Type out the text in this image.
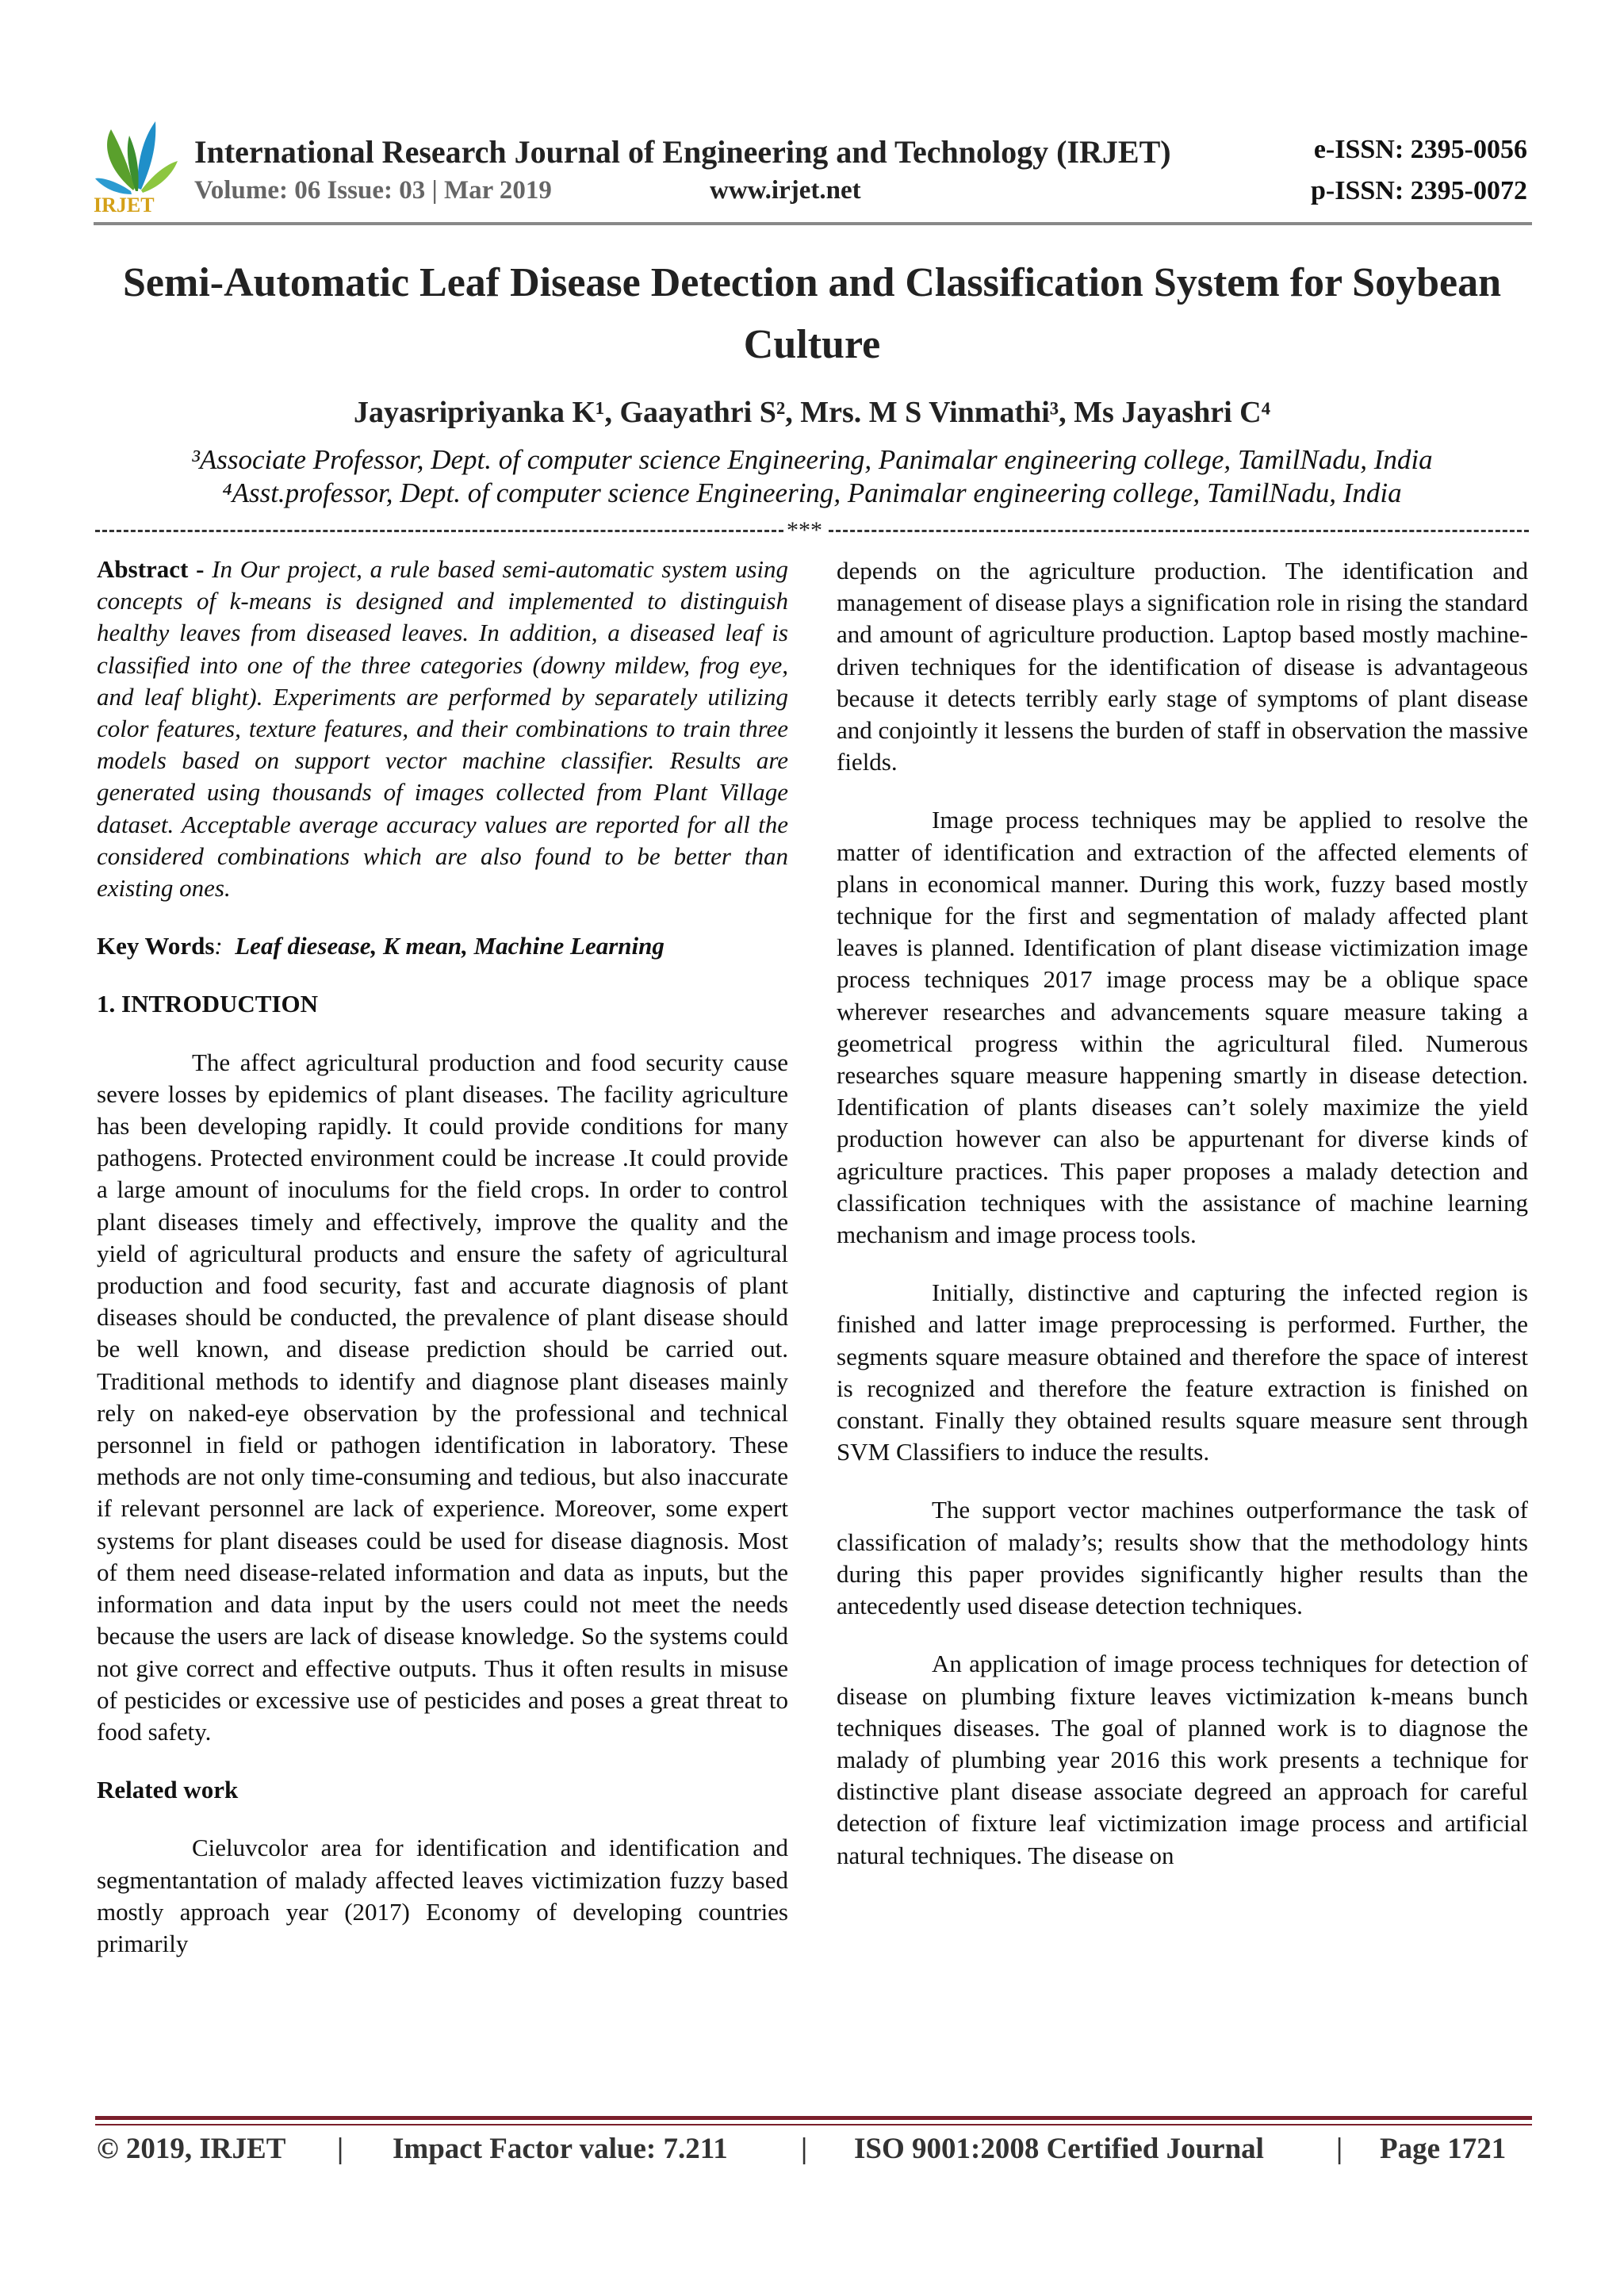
IRJET
International Research Journal of Engineering and Technology (IRJET)
Volume: 06 Issue: 03 | Mar 2019	www.irjet.net
e-ISSN: 2395-0056
p-ISSN: 2395-0072
Semi-Automatic Leaf Disease Detection and Classification System for Soybean Culture
Jayasripriyanka K¹, Gaayathri S², Mrs. M S Vinmathi³, Ms Jayashri C⁴
³Associate Professor, Dept. of computer science Engineering, Panimalar engineering college, TamilNadu, India
⁴Asst.professor, Dept. of computer science Engineering, Panimalar engineering college, TamilNadu, India
***

Abstract - In Our project, a rule based semi-automatic system using concepts of k-means is designed and implemented to distinguish healthy leaves from diseased leaves. In addition, a diseased leaf is classified into one of the three categories (downy mildew, frog eye, and leaf blight). Experiments are performed by separately utilizing color features, texture features, and their combinations to train three models based on support vector machine classifier. Results are generated using thousands of images collected from Plant Village dataset. Acceptable average accuracy values are reported for all the considered combinations which are also found to be better than existing ones.

Key Words: Leaf diesease, K mean, Machine Learning

1. INTRODUCTION

The affect agricultural production and food security cause severe losses by epidemics of plant diseases. The facility agriculture has been developing rapidly. It could provide conditions for many pathogens. Protected environment could be increase .It could provide a large amount of inoculums for the field crops. In order to control plant diseases timely and effectively, improve the quality and the yield of agricultural products and ensure the safety of agricultural production and food security, fast and accurate diagnosis of plant diseases should be conducted, the prevalence of plant disease should be well known, and disease prediction should be carried out. Traditional methods to identify and diagnose plant diseases mainly rely on naked-eye observation by the professional and technical personnel in field or pathogen identification in laboratory. These methods are not only time-consuming and tedious, but also inaccurate if relevant personnel are lack of experience. Moreover, some expert systems for plant diseases could be used for disease diagnosis. Most of them need disease-related information and data as inputs, but the information and data input by the users could not meet the needs because the users are lack of disease knowledge. So the systems could not give correct and effective outputs. Thus it often results in misuse of pesticides or excessive use of pesticides and poses a great threat to food safety.

Related work

Cieluvcolor area for identification and identification and segmentantation of malady affected leaves victimization fuzzy based mostly approach year (2017) Economy of developing countries primarily

depends on the agriculture production. The identification and management of disease plays a signification role in rising the standard and amount of agriculture production. Laptop based mostly machine-driven techniques for the identification of disease is advantageous because it detects terribly early stage of symptoms of plant disease and conjointly it lessens the burden of staff in observation the massive fields.

Image process techniques may be applied to resolve the matter of identification and extraction of the affected elements of plans in economical manner. During this work, fuzzy based mostly technique for the first and segmentation of malady affected plant leaves is planned. Identification of plant disease victimization image process techniques 2017 image process may be a oblique space wherever researches and advancements square measure taking a geometrical progress within the agricultural filed. Numerous researches square measure happening smartly in disease detection. Identification of plants diseases can’t solely maximize the yield production however can also be appurtenant for diverse kinds of agriculture practices. This paper proposes a malady detection and classification techniques with the assistance of machine learning mechanism and image process tools.

Initially, distinctive and capturing the infected region is finished and latter image preprocessing is performed. Further, the segments square measure obtained and therefore the space of interest is recognized and therefore the feature extraction is finished on constant. Finally they obtained results square measure sent through SVM Classifiers to induce the results.

The support vector machines outperformance the task of classification of malady’s; results show that the methodology hints during this paper provides significantly higher results than the antecedently used disease detection techniques.

An application of image process techniques for detection of disease on plumbing fixture leaves victimization k-means bunch techniques diseases. The goal of planned work is to diagnose the malady of plumbing year 2016 this work presents a technique for distinctive plant disease associate degreed an approach for careful detection of fixture leaf victimization image process and artificial natural techniques. The disease on

© 2019, IRJET | Impact Factor value: 7.211 | ISO 9001:2008 Certified Journal | Page 1721
